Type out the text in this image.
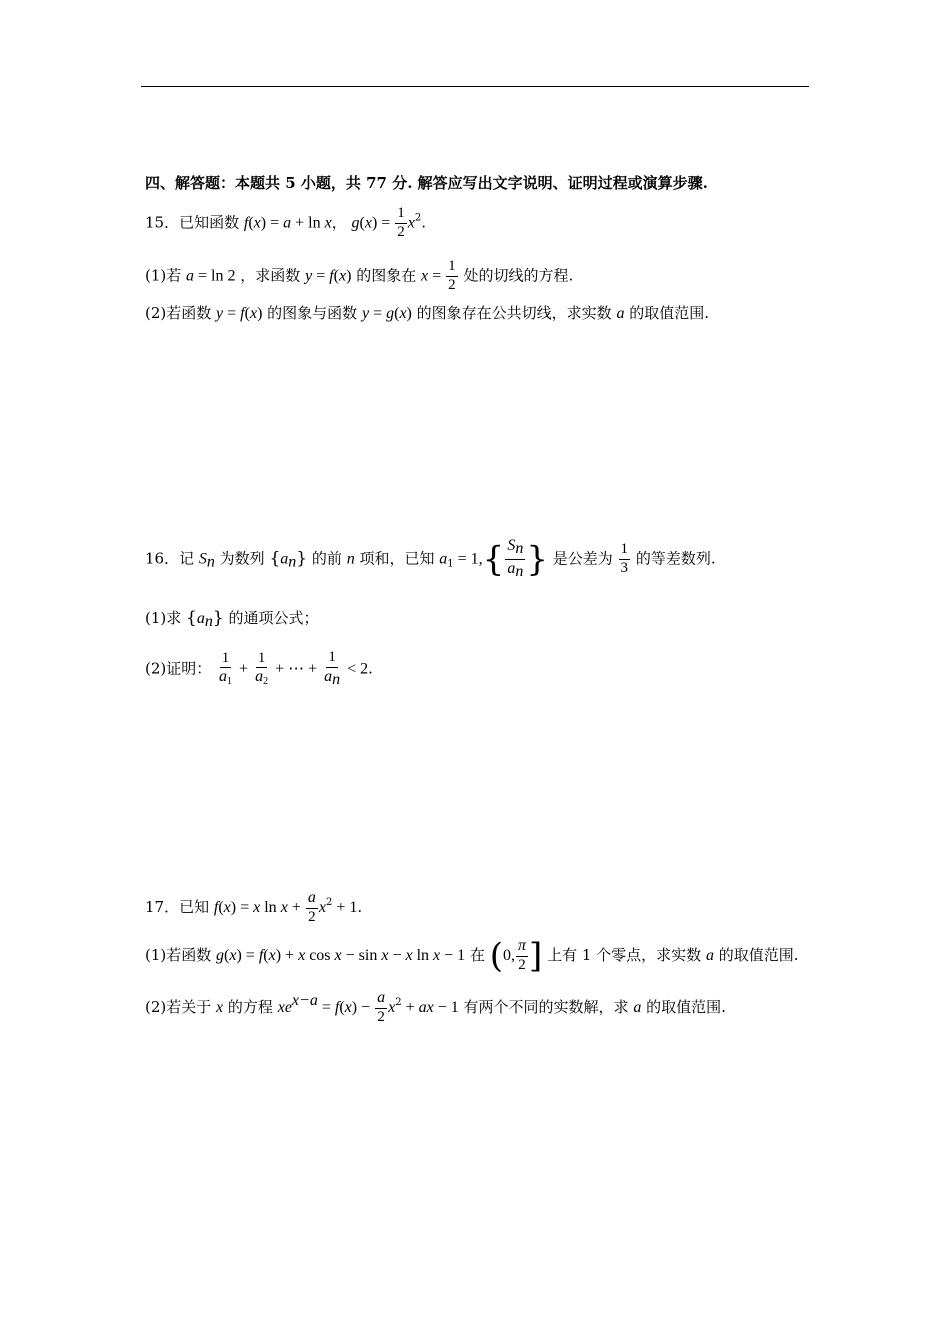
四、解答题：本题共 5 小题，共 77 分. 解答应写出文字说明、证明过程或演算步骤.
15．已知函数 f(x) = a + ln x， $g(x) = \frac{1}{2} x^2$.
(1)若 a = ln 2 ，求函数 y = f(x) 的图象在 $x = \frac{1}{2}$ 处的切线的方程.
(2)若函数 y = f(x) 的图象与函数 y = g(x) 的图象存在公共切线，求实数 a 的取值范围.
16．记 $S_n$ 为数列 $\{a_n\}$ 的前 n 项和，已知 $a_1 = 1,\{ \frac{S_n}{a_n}$ } 是公差为 $\frac{1}{3}$ 的等差数列.
(1)求 $\{a_n\}$ 的通项公式；
(2)证明： $\frac{1}{a_1} + \frac{1}{a_2}$ + ⋯ + $\frac{1}{a_n} < 2$.
17．已知 f(x) = x $\ln x + \frac{a}{2} x^2 + 1$.
(1)若函数 g(x) = f(x) + x cos x − sin x − x ln x − 1 在 (0, $\frac{\pi}{2}$ ] 上有 1 个零点，求实数 a 的取值范围.
(2)若关于 x 的方程 $xe^{x-a} = f(x) - \frac{a}{2} x^2$ + ax − 1 有两个不同的实数解，求 a 的取值范围.
